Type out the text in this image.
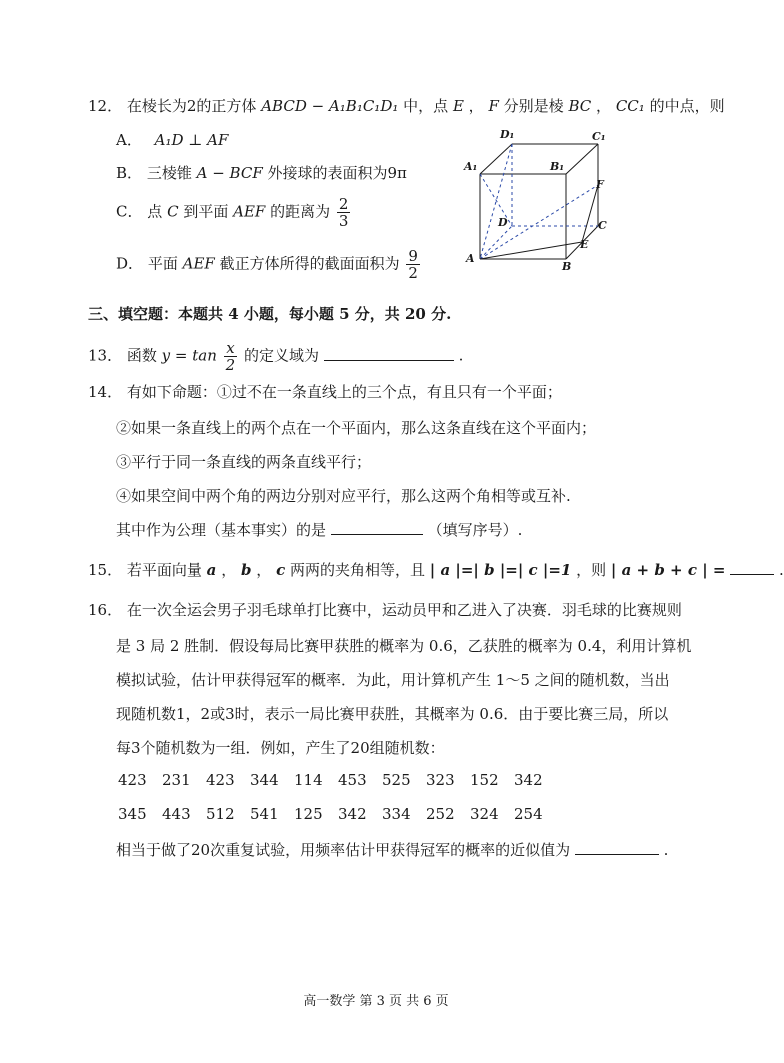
12． 在棱长为2的正方体 ABCD − A₁B₁C₁D₁ 中，点 E ， F 分别是棱 BC ， CC₁ 的中点，则
A． A₁D ⊥ AF
B． 三棱锥 A − BCF 外接球的表面积为9π
C． 点 C 到平面 AEF 的距离为 $\frac{2}{3}$
D． 平面 AEF 截正方体所得的截面面积为 $\frac{9}{2}$
D₁	C₁
A₁	B₁
F
D	C
E
A
B
三、填空题：本题共 4 小题，每小题 5 分，共 20 分.
13． 函数 $y = \tan \frac{x}{2}$ 的定义域为	.
14． 有如下命题：①过不在一条直线上的三个点，有且只有一个平面；
②如果一条直线上的两个点在一个平面内，那么这条直线在这个平面内；
③平行于同一条直线的两条直线平行；
④如果空间中两个角的两边分别对应平行，那么这两个角相等或互补.
其中作为公理（基本事实）的是	（填写序号）.
15． 若平面向量 a ， b ， c 两两的夹角相等，且 | a |=| b |=| c |=1 ，则 | a + b + c | =	.
16． 在一次全运会男子羽毛球单打比赛中，运动员甲和乙进入了决赛．羽毛球的比赛规则
是 3 局 2 胜制．假设每局比赛甲获胜的概率为 0.6，乙获胜的概率为 0.4，利用计算机
模拟试验，估计甲获得冠军的概率．为此，用计算机产生 1～5 之间的随机数，当出
现随机数1，2或3时，表示一局比赛甲获胜，其概率为 0.6．由于要比赛三局，所以
每3个随机数为一组．例如，产生了20组随机数：
423 231 423 344 114 453 525 323 152 342
345 443 512 541 125 342 334 252 324 254
相当于做了20次重复试验，用频率估计甲获得冠军的概率的近似值为	.
高一数学 第 3 页 共 6 页
